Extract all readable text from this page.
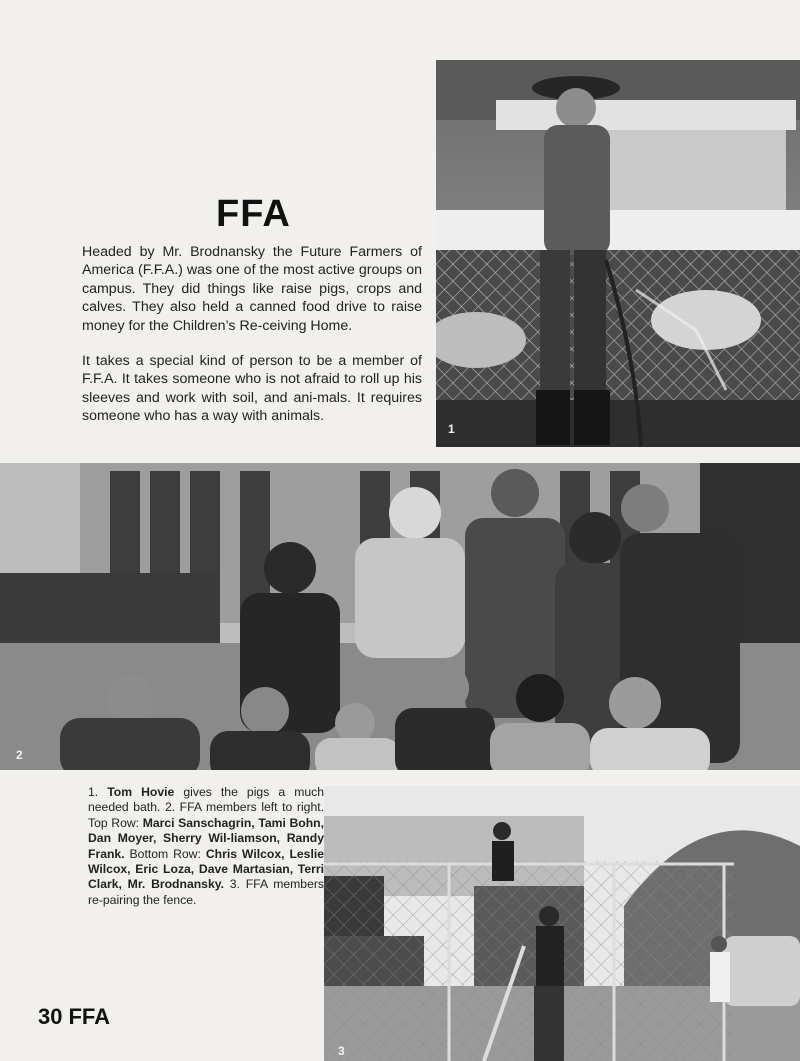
FFA

Headed by Mr. Brodnansky the Future Farmers of America (F.F.A.) was one of the most active groups on campus. They did things like raise pigs, crops and calves. They also held a canned food drive to raise money for the Children’s Re-ceiving Home.

It takes a special kind of person to be a member of F.F.A. It takes someone who is not afraid to roll up his sleeves and work with soil, and ani-mals. It requires someone who has a way with animals.

1
2
3
1. Tom Hovie gives the pigs a much needed bath. 2. FFA members left to right. Top Row: Marci Sanschagrin, Tami Bohn, Dan Moyer, Sherry Wil-liamson, Randy Frank. Bottom Row: Chris Wilcox, Leslie Wilcox, Eric Loza, Dave Martasian, Terri Clark, Mr. Brodnansky. 3. FFA members re-pairing the fence.
30 FFA
